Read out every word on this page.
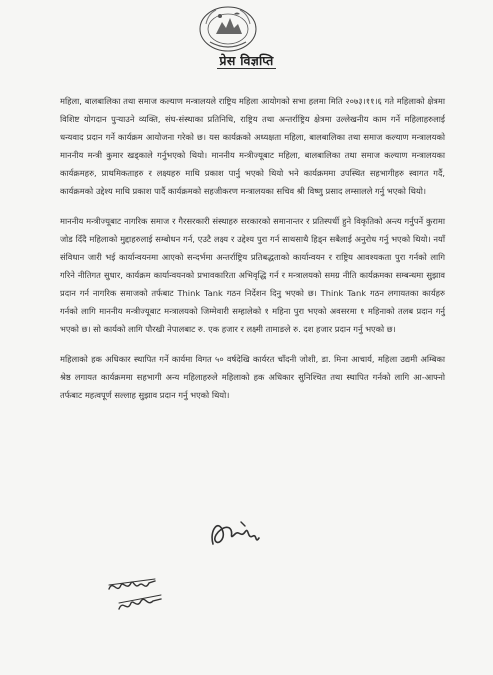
प्रेस विज्ञप्ति

महिला, बालबालिका तथा समाज कल्याण मन्त्रालयले राष्ट्रिय महिला आयोगको सभा हलमा मिति २०७३।११।६ गते महिलाको क्षेत्रमा विशिष्ट योगदान पुऱ्याउने व्यक्ति, संघ-संस्थाका प्रतिनिधि, राष्ट्रिय तथा अन्तर्राष्ट्रिय क्षेत्रमा उल्लेखनीय काम गर्ने महिलाहरुलाई धन्यवाद प्रदान गर्ने कार्यक्रम आयोजना गरेको छ। यस कार्यक्रको अध्यक्षता महिला, बालबालिका तथा समाज कल्याण मन्त्रालयको माननीय मन्त्री कुमार खड्काले गर्नुभएको थियो। माननीय मन्त्रीज्यूबाट महिला, बालबालिका तथा समाज कल्याण मन्त्रालयका कार्यक्रमहरु, प्राथमिकताहरु र लक्ष्यहरु माथि प्रकाश पार्नु भएको थियो भने कार्यक्रममा उपस्थित सहभागीहरु स्वागत गर्दै, कार्यक्रमको उद्देश्य माथि प्रकाश पार्दै कार्यक्रमको सहजीकरण मन्त्रालयका सचिव श्री विष्णु प्रसाद लम्सालले गर्नु भएको थियो।

माननीय मन्त्रीज्यूबाट नागरिक समाज र गैरसरकारी संस्थाहरु सरकारको समानान्तर र प्रतिस्पर्धी हुने विकृतिको अन्त्य गर्नुपर्ने कुरामा जोड दिँदै महिलाको मुद्दाहरुलाई सम्बोधन गर्न, एउटै लक्ष्य र उद्देश्य पुरा गर्न साथसाथै हिड्न सबैलाई अनुरोध गर्नु भएको थियो। नयाँ संविधान जारी भई कार्यान्वयनमा आएको सन्दर्भमा अन्तर्राष्ट्रिय प्रतिबद्धताको कार्यान्वयन र राष्ट्रिय आवश्यकता पुरा गर्नको लागि गरिने नीतिगत सुधार, कार्यक्रम कार्यान्वयनको प्रभावकारिता अभिवृद्धि गर्न र मन्त्रालयको समग्र नीति कार्यक्रमका सम्बन्धमा सुझाव प्रदान गर्न नागरिक समाजको तर्फबाट Think Tank गठन निर्देशन दिनु भएको छ। Think Tank गठन लगायतका कार्यहरु गर्नको लागि माननीय मन्त्रीज्यूबाट मन्त्रालयको जिम्मेवारी सम्हालेको १ महिना पुरा भएको अवसरमा १ महिनाको तलब प्रदान गर्नु भएको छ। सो कार्यको लागि पौरखी नेपालबाट रु. एक हजार र लक्ष्मी तामाङले रु. दश हजार प्रदान गर्नु भएको छ।

महिलाको हक अधिकार स्थापित गर्ने कार्यमा विगत ५० वर्षदेखि कार्यरत चाँदनी जोशी, डा. मिना आचार्य, महिला उद्यमी अम्बिका श्रेष्ठ लगायत कार्यक्रममा सहभागी अन्य महिलाहरुले महिलाको हक अधिकार सुनिश्चित तथा स्थापित गर्नको लागि आ-आफ्नो तर्फबाट महत्वपूर्ण सल्लाह सुझाव प्रदान गर्नु भएको थियो।
